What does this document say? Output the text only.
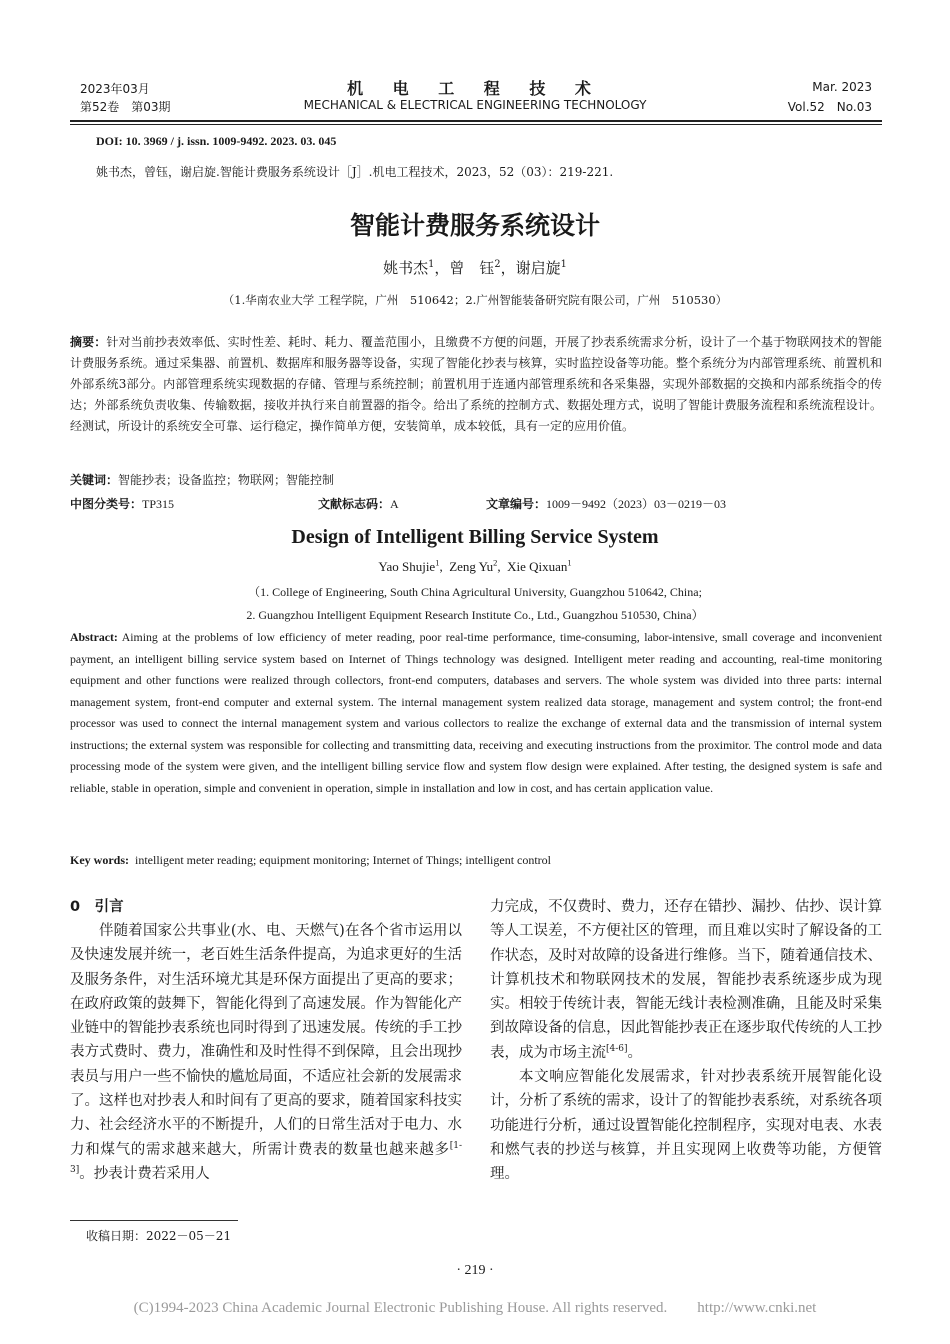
2023年03月
第52卷　第03期
机 电 工 程 技 术
MECHANICAL & ELECTRICAL ENGINEERING TECHNOLOGY
Mar. 2023
Vol.52　No.03
DOI: 10. 3969 / j. issn. 1009-9492. 2023. 03. 045
姚书杰，曾钰，谢启旋.智能计费服务系统设计［J］.机电工程技术，2023，52（03）：219-221.
智能计费服务系统设计
姚书杰$^1$，曾　钰$^2$，谢启旋$^1$
（1.华南农业大学 工程学院，广州　510642；2.广州智能装备研究院有限公司，广州　510530）
摘要：针对当前抄表效率低、实时性差、耗时、耗力、覆盖范围小，且缴费不方便的问题，开展了抄表系统需求分析，设计了一个基于物联网技术的智能计费服务系统。通过采集器、前置机、数据库和服务器等设备，实现了智能化抄表与核算，实时监控设备等功能。整个系统分为内部管理系统、前置机和外部系统3部分。内部管理系统实现数据的存储、管理与系统控制；前置机用于连通内部管理系统和各采集器，实现外部数据的交换和内部系统指令的传达；外部系统负责收集、传输数据，接收并执行来自前置器的指令。给出了系统的控制方式、数据处理方式，说明了智能计费服务流程和系统流程设计。经测试，所设计的系统安全可靠、运行稳定，操作简单方便，安装简单，成本较低，具有一定的应用价值。
关键词：智能抄表；设备监控；物联网；智能控制
中图分类号：TP315	文献标志码：A	文章编号：1009－9492（2023）03－0219－03
Design of Intelligent Billing Service System
Yao Shujie$^1$,  Zeng Yu$^2$,  Xie Qixuan$^1$
（1. College of Engineering, South China Agricultural University, Guangzhou 510642, China;
2. Guangzhou Intelligent Equipment Research Institute Co., Ltd., Guangzhou 510530, China）
Abstract: Aiming at the problems of low efficiency of meter reading, poor real-time performance, time-consuming, labor-intensive, small coverage and inconvenient payment, an intelligent billing service system based on Internet of Things technology was designed. Intelligent meter reading and accounting, real-time monitoring equipment and other functions were realized through collectors, front-end computers, databases and servers. The whole system was divided into three parts: internal management system, front-end computer and external system. The internal management system realized data storage, management and system control; the front-end processor was used to connect the internal management system and various collectors to realize the exchange of external data and the transmission of internal system instructions; the external system was responsible for collecting and transmitting data, receiving and executing instructions from the proximitor. The control mode and data processing mode of the system were given, and the intelligent billing service flow and system flow design were explained. After testing, the designed system is safe and reliable, stable in operation, simple and convenient in operation, simple in installation and low in cost, and has certain application value.
Key words: intelligent meter reading; equipment monitoring; Internet of Things; intelligent control

0　引言

伴随着国家公共事业(水、电、天燃气)在各个省市运用以及快速发展并统一，老百姓生活条件提高，为追求更好的生活及服务条件，对生活环境尤其是环保方面提出了更高的要求；在政府政策的鼓舞下，智能化得到了高速发展。作为智能化产业链中的智能抄表系统也同时得到了迅速发展。传统的手工抄表方式费时、费力，准确性和及时性得不到保障，且会出现抄表员与用户一些不愉快的尴尬局面，不适应社会新的发展需求了。这样也对抄表人和时间有了更高的要求，随着国家科技实力、社会经济水平的不断提升，人们的日常生活对于电力、水力和煤气的需求越来越大，所需计费表的数量也越来越多[1-3]。抄表计费若采用人

力完成，不仅费时、费力，还存在错抄、漏抄、估抄、误计算等人工误差，不方便社区的管理，而且难以实时了解设备的工作状态，及时对故障的设备进行维修。当下，随着通信技术、计算机技术和物联网技术的发展，智能抄表系统逐步成为现实。相较于传统计表，智能无线计表检测准确，且能及时采集到故障设备的信息，因此智能抄表正在逐步取代传统的人工抄表，成为市场主流[4-6]。

本文响应智能化发展需求，针对抄表系统开展智能化设计，分析了系统的需求，设计了的智能抄表系统，对系统各项功能进行分析，通过设置智能化控制程序，实现对电表、水表和燃气表的抄送与核算，并且实现网上收费等功能，方便管理。

收稿日期：2022－05－21
· 219 ·
(C)1994-2023 China Academic Journal Electronic Publishing House. All rights reserved.　　http://www.cnki.net
